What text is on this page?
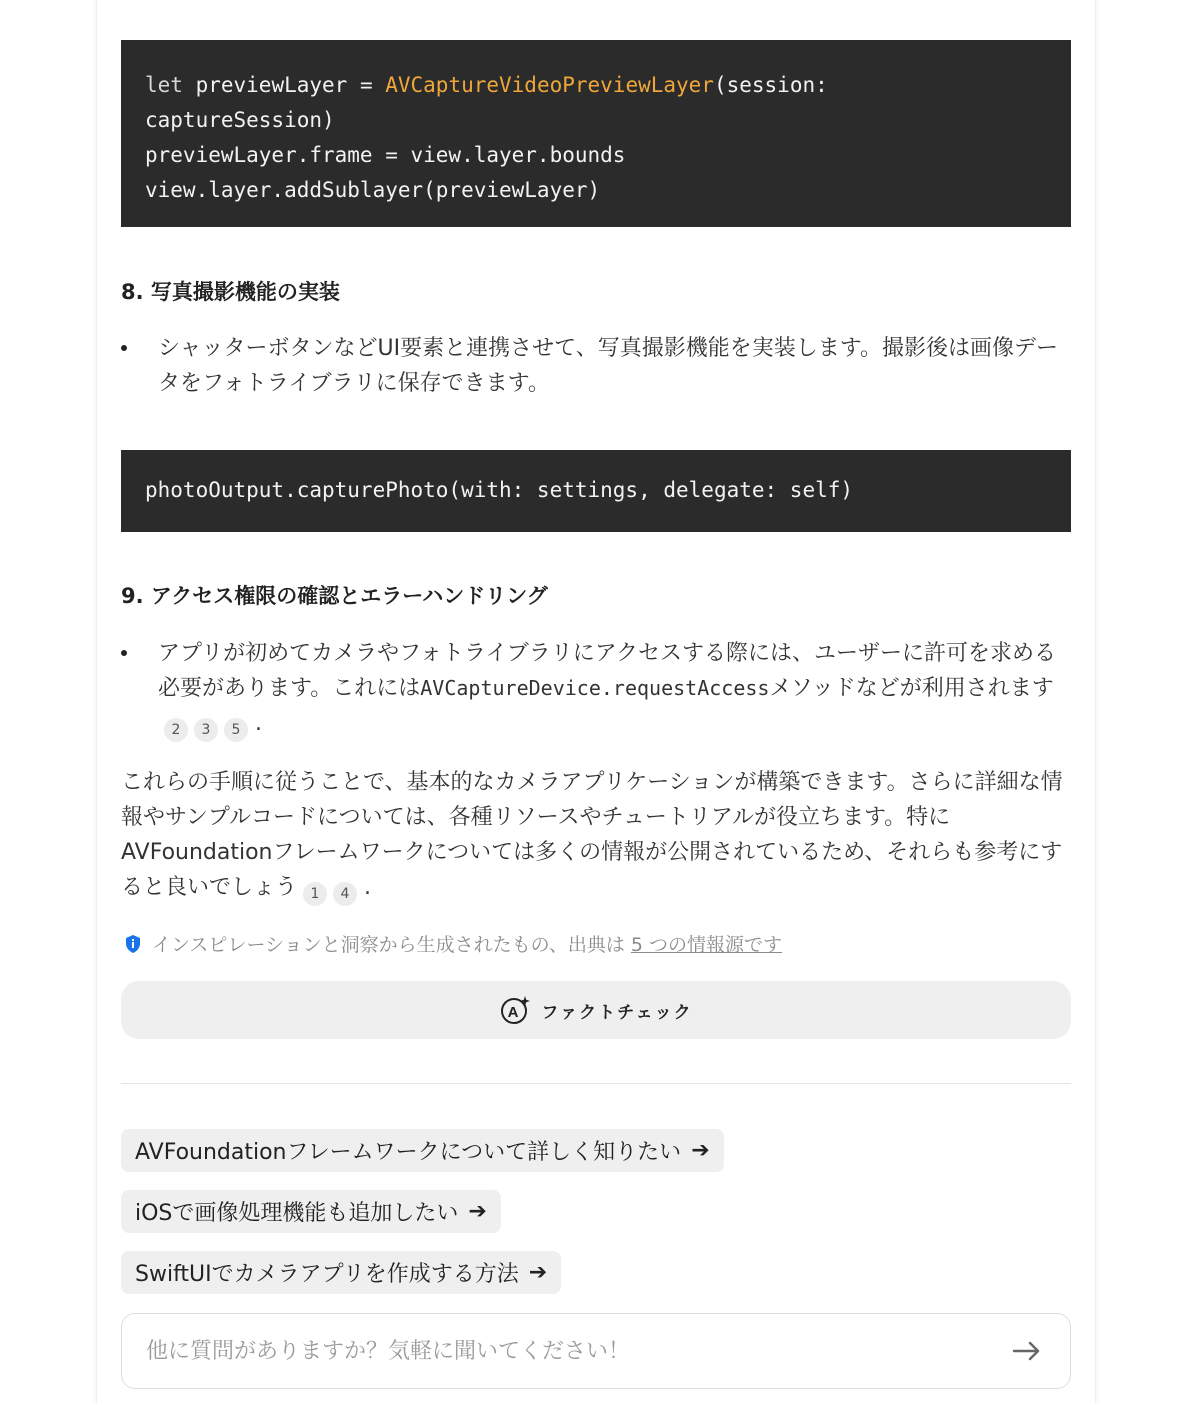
let previewLayer = AVCaptureVideoPreviewLayer(session:
captureSession)
previewLayer.frame = view.layer.bounds
view.layer.addSublayer(previewLayer)
8. 写真撮影機能の実装
シャッターボタンなどUI要素と連携させて、写真撮影機能を実装します。撮影後は画像データをフォトライブラリに保存できます。
photoOutput.capturePhoto(with: settings, delegate: self)
9. アクセス権限の確認とエラーハンドリング
アプリが初めてカメラやフォトライブラリにアクセスする際には、ユーザーに許可を求める必要があります。これにはAVCaptureDevice.requestAccessメソッドなどが利用されます2 3 5 .
これらの手順に従うことで、基本的なカメラアプリケーションが構築できます。さらに詳細な情報やサンプルコードについては、各種リソースやチュートリアルが役立ちます。特にAVFoundationフレームワークについては多くの情報が公開されているため、それらも参考にすると良いでしょう 1 4 .
インスピレーションと洞察から生成されたもの、出典は 5 つの情報源です
A ファクトチェック
AVFoundationフレームワークについて詳しく知りたい ➔
iOSで画像処理機能も追加したい ➔
SwiftUIでカメラアプリを作成する方法 ➔
他に質問がありますか？気軽に聞いてください！
